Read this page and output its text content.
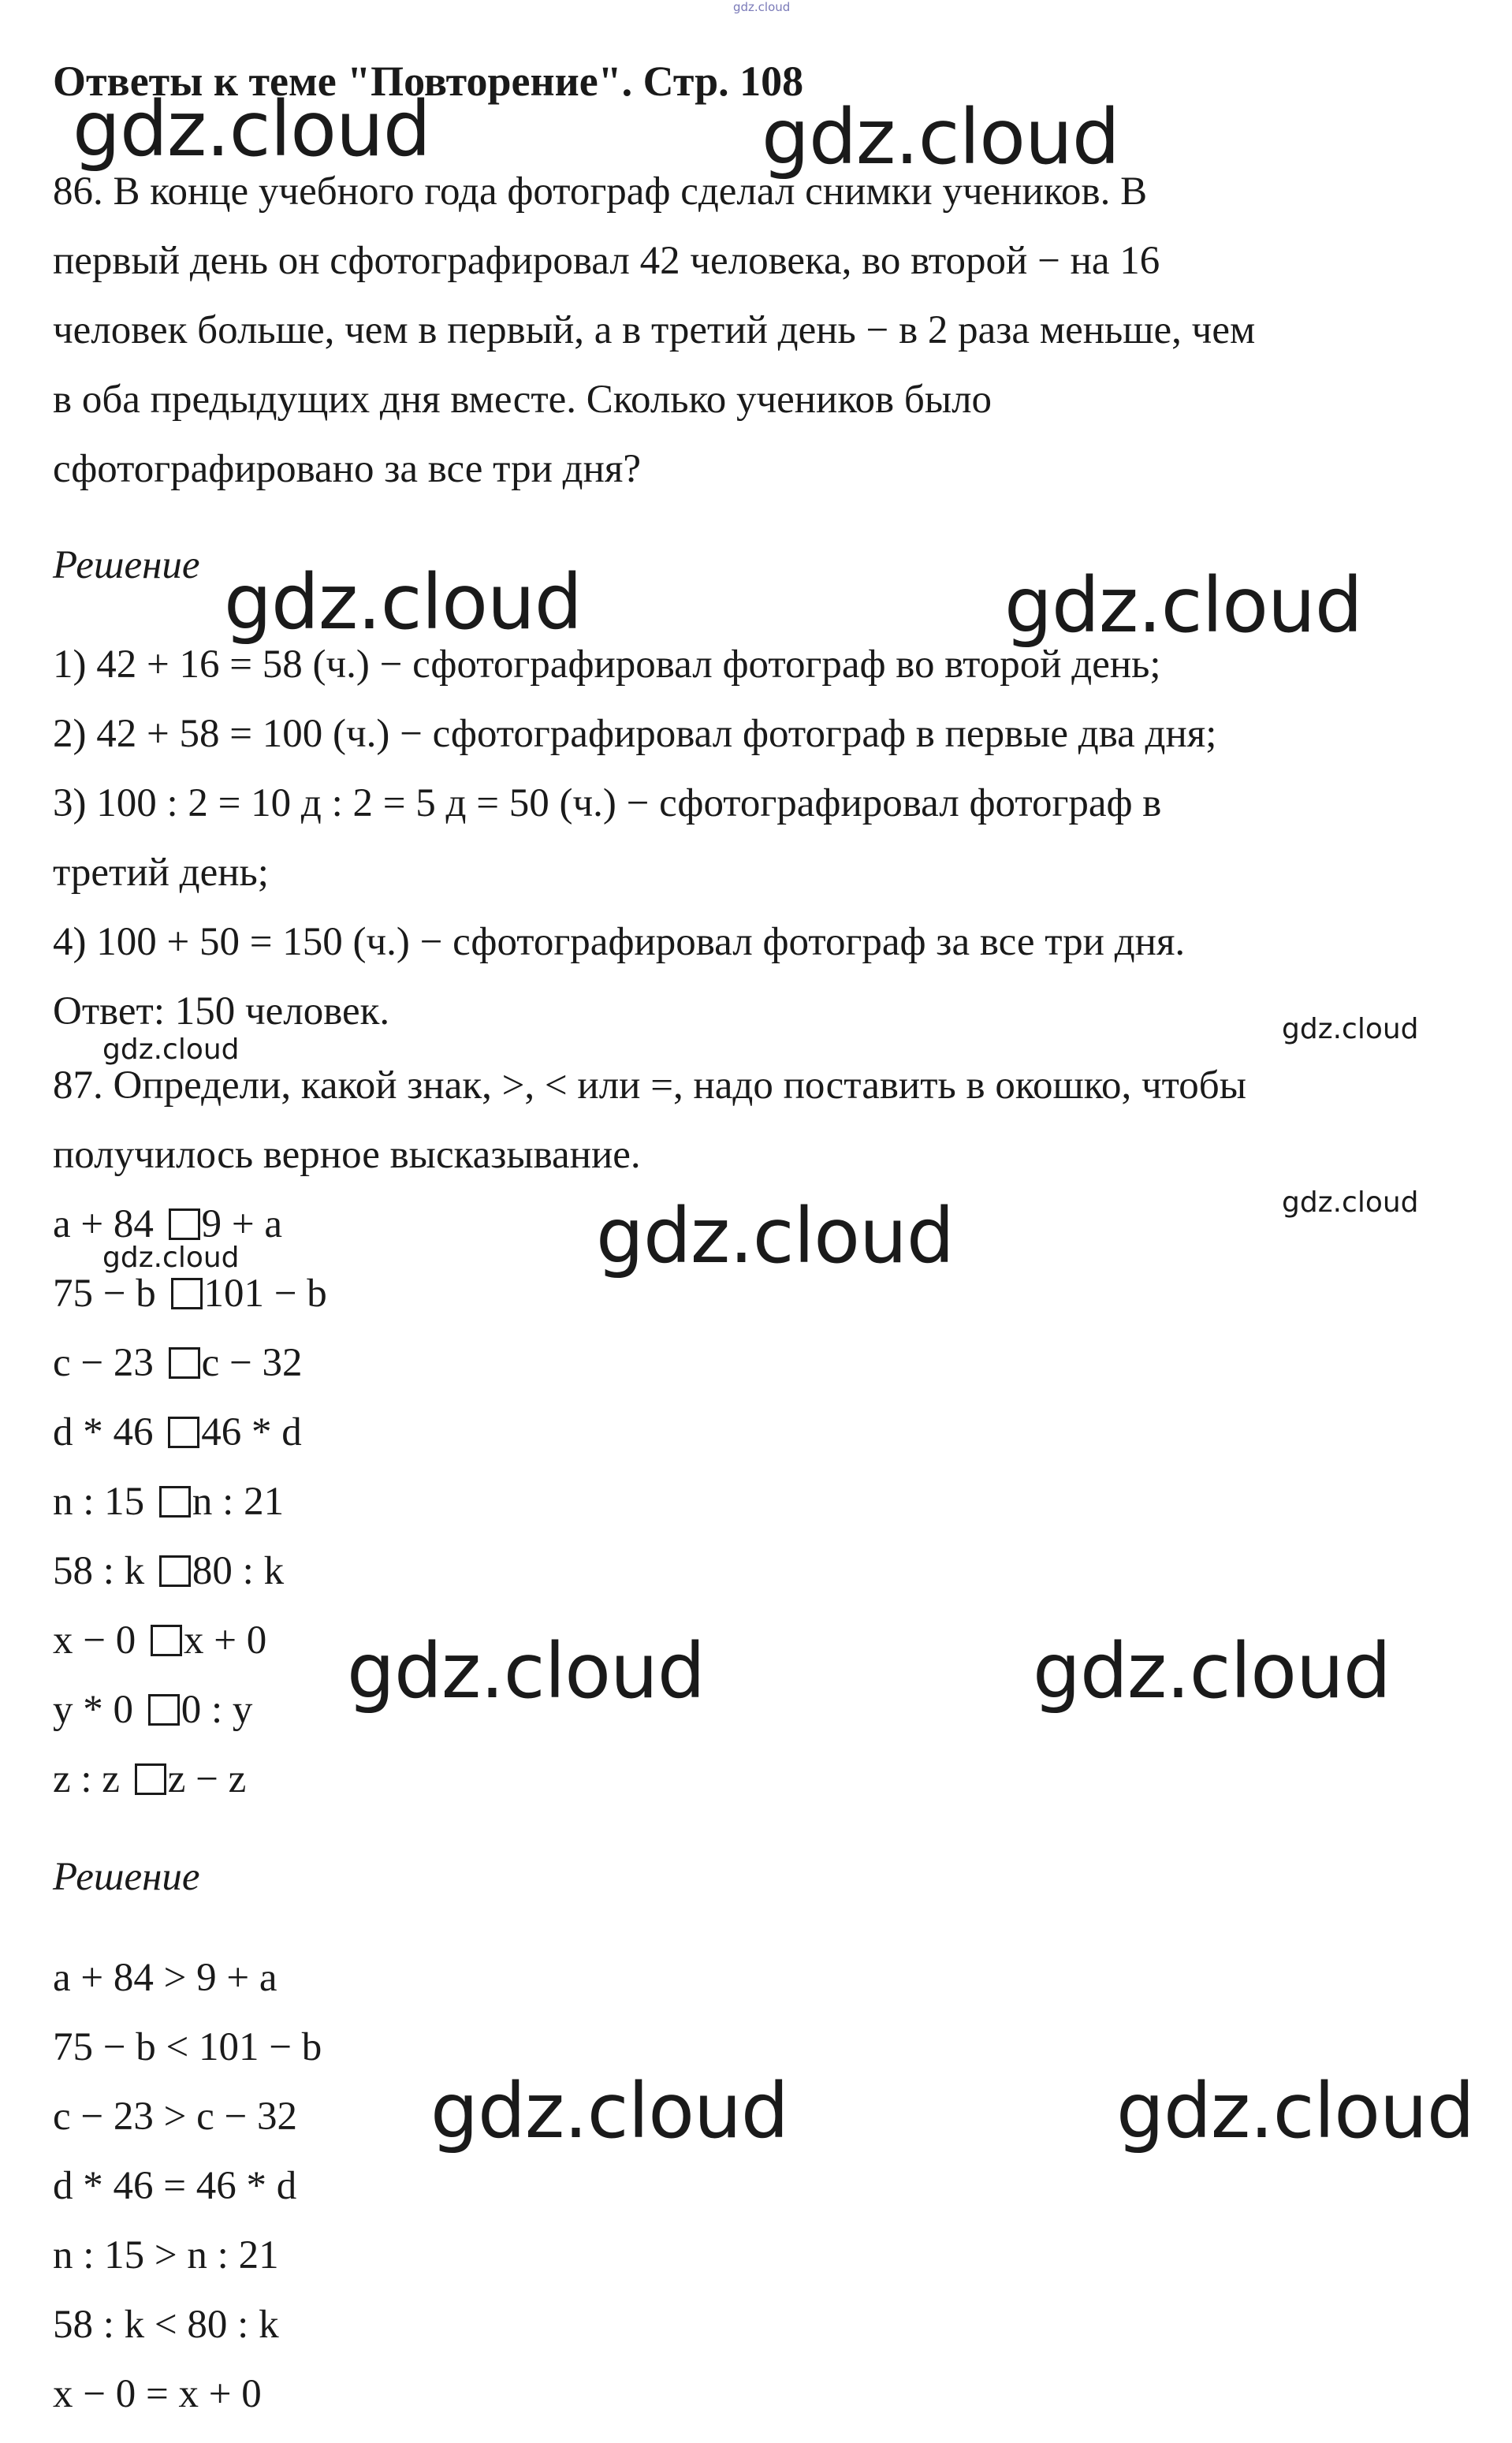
gdz.cloud
Ответы к теме "Повторение". Стр. 108
86. В конце учебного года фотограф сделал снимки учеников. В
первый день он сфотографировал 42 человека, во второй − на 16
человек больше, чем в первый, а в третий день − в 2 раза меньше, чем
в оба предыдущих дня вместе. Сколько учеников было
сфотографировано за все три дня?
Решение
1) 42 + 16 = 58 (ч.) − сфотографировал фотограф во второй день;
2) 42 + 58 = 100 (ч.) − сфотографировал фотограф в первые два дня;
3) 100 : 2 = 10 д : 2 = 5 д = 50 (ч.) − сфотографировал фотограф в
третий день;
4) 100 + 50 = 150 (ч.) − сфотографировал фотограф за все три дня.
Ответ: 150 человек.
87. Определи, какой знак, >, < или =, надо поставить в окошко, чтобы
получилось верное высказывание.
a + 84 9 + a
75 − b 101 − b
c − 23 c − 32
d * 46 46 * d
n : 15 n : 21
58 : k 80 : k
x − 0 x + 0
y * 0 0 : y
z : z z − z
Решение
a + 84 > 9 + a
75 − b < 101 − b
c − 23 > c − 32
d * 46 = 46 * d
n : 15 > n : 21
58 : k < 80 : k
x − 0 = x + 0
gdz.cloud	gdz.cloud
gdz.cloud	gdz.cloud
gdz.cloud
gdz.cloud
gdz.cloud
gdz.cloud	gdz.cloud
gdz.cloud	gdz.cloud
gdz.cloud	gdz.cloud
